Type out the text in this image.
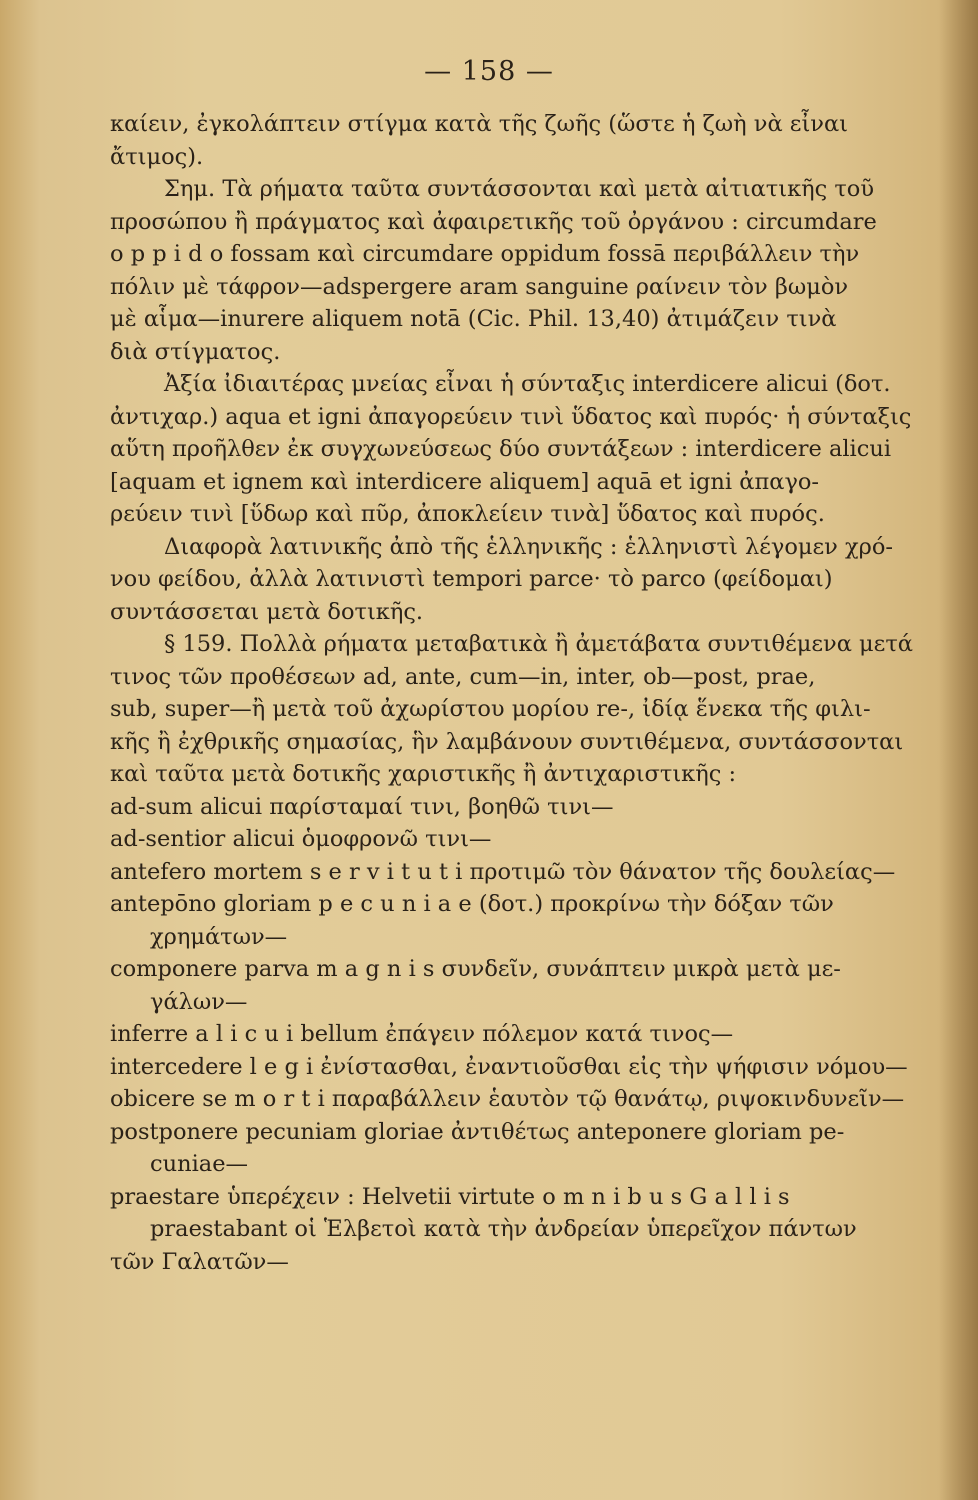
— 158 —
καίειν, ἐγκολάπτειν στίγμα κατὰ τῆς ζωῆς (ὥστε ἡ ζωὴ νὰ εἶναι
ἄτιμος).
Σημ. Τὰ ρήματα ταῦτα συντάσσονται καὶ μετὰ αἰτιατικῆς τοῦ
προσώπου ἢ πράγματος καὶ ἀφαιρετικῆς τοῦ ὀργάνου : circumdare
o p p i d o fossam καὶ circumdare oppidum fossā περιβάλλειν τὴν
πόλιν μὲ τάφρον—adspergere aram sanguine ραίνειν τὸν βωμὸν
μὲ αἷμα—inurere aliquem notā (Cic. Phil. 13,40) ἀτιμάζειν τινὰ
διὰ στίγματος.
Ἀξία ἰδιαιτέρας μνείας εἶναι ἡ σύνταξις interdicere alicui (δοτ.
ἀντιχαρ.) aqua et igni ἀπαγορεύειν τινὶ ὕδατος καὶ πυρός· ἡ σύνταξις
αὕτη προῆλθεν ἐκ συγχωνεύσεως δύο συντάξεων : interdicere alicui
[aquam et ignem καὶ interdicere aliquem] aquā et igni ἀπαγο-
ρεύειν τινὶ [ὕδωρ καὶ πῦρ, ἀποκλείειν τινὰ] ὕδατος καὶ πυρός.
Διαφορὰ λατινικῆς ἀπὸ τῆς ἑλληνικῆς : ἑλληνιστὶ λέγομεν χρό-
νου φείδου, ἀλλὰ λατινιστὶ tempori parce· τὸ parco (φείδομαι)
συντάσσεται μετὰ δοτικῆς.
§ 159. Πολλὰ ρήματα μεταβατικὰ ἢ ἀμετάβατα συντιθέμενα μετά
τινος τῶν προθέσεων ad, ante, cum—in, inter, ob—post, prae,
sub, super—ἢ μετὰ τοῦ ἀχωρίστου μορίου re-, ἰδίᾳ ἕνεκα τῆς φιλι-
κῆς ἢ ἐχθρικῆς σημασίας, ἣν λαμβάνουν συντιθέμενα, συντάσσονται
καὶ ταῦτα μετὰ δοτικῆς χαριστικῆς ἢ ἀντιχαριστικῆς :
ad-sum alicui παρίσταμαί τινι, βοηθῶ τινι—
ad-sentior alicui ὁμοφρονῶ τινι—
antefero mortem s e r v i t u t i προτιμῶ τὸν θάνατον τῆς δουλείας—
antepōno gloriam p e c u n i a e (δοτ.) προκρίνω τὴν δόξαν τῶν
χρημάτων—
componere parva m a g n i s συνδεῖν, συνάπτειν μικρὰ μετὰ με-
γάλων—
inferre a l i c u i bellum ἐπάγειν πόλεμον κατά τινος—
intercedere l e g i ἐνίστασθαι, ἐναντιοῦσθαι εἰς τὴν ψήφισιν νόμου—
obicere se m o r t i παραβάλλειν ἑαυτὸν τῷ θανάτῳ, ριψοκινδυνεῖν—
postponere pecuniam gloriae ἀντιθέτως anteponere gloriam pe-
cuniae—
praestare ὑπερέχειν : Helvetii virtute o m n i b u s G a l l i s
praestabant οἱ Ἑλβετοὶ κατὰ τὴν ἀνδρείαν ὑπερεῖχον πάντων
τῶν Γαλατῶν—
